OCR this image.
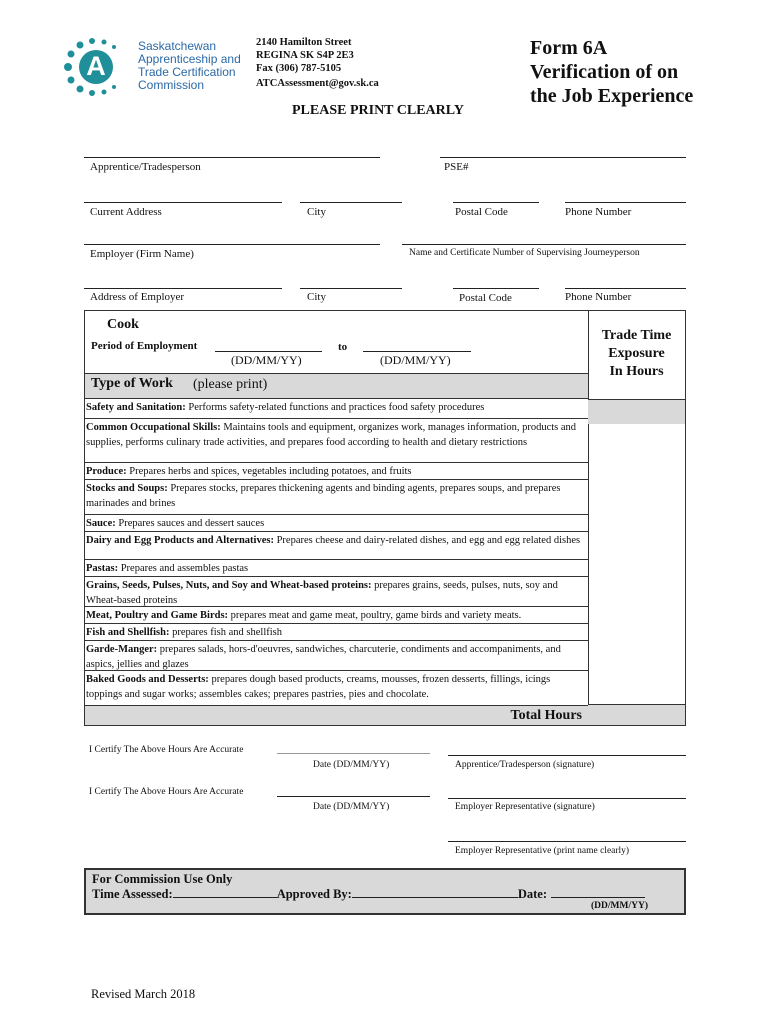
A
Saskatchewan
Apprenticeship and
Trade Certification
Commission
2140 Hamilton Street
REGINA SK S4P 2E3
Fax (306) 787-5105
ATCAssessment@gov.sk.ca
Form 6A
Verification of on
the Job Experience
PLEASE PRINT CLEARLY
Apprentice/Tradesperson	PSE#
Current Address	City	Postal Code	Phone Number
Employer (Firm Name)	Name and Certificate Number of Supervising Journeyperson
Address of Employer	City	Postal Code	Phone Number
Cook
Period of Employment	to
(DD/MM/YY)	(DD/MM/YY)
Type of Work (please print)
Trade Time
Exposure
In Hours
Safety and Sanitation: Performs safety-related functions and practices food safety procedures
Common Occupational Skills: Maintains tools and equipment, organizes work, manages information, products and supplies, performs culinary trade activities, and prepares food according to health and dietary restrictions
Produce: Prepares herbs and spices, vegetables including potatoes, and fruits
Stocks and Soups: Prepares stocks, prepares thickening agents and binding agents, prepares soups, and prepares marinades and brines
Sauce: Prepares sauces and dessert sauces
Dairy and Egg Products and Alternatives: Prepares cheese and dairy-related dishes, and egg and egg related dishes
Pastas: Prepares and assembles pastas
Grains, Seeds, Pulses, Nuts, and Soy and Wheat-based proteins: prepares grains, seeds, pulses, nuts, soy and Wheat-based proteins
Meat, Poultry and Game Birds: prepares meat and game meat, poultry, game birds and variety meats.
Fish and Shellfish: prepares fish and shellfish
Garde-Manger: prepares salads, hors-d'oeuvres, sandwiches, charcuterie, condiments and accompaniments, and aspics, jellies and glazes
Baked Goods and Desserts: prepares dough based products, creams, mousses, frozen desserts, fillings, icings toppings and sugar works; assembles cakes; prepares pastries, pies and chocolate.
Total Hours
I Certify The Above Hours Are Accurate
Date (DD/MM/YY)	Apprentice/Tradesperson (signature)
I Certify The Above Hours Are Accurate
Date (DD/MM/YY)	Employer Representative (signature)
Employer Representative (print name clearly)
For Commission Use Only
Time Assessed:	Approved By:	Date:
(DD/MM/YY)
Revised March 2018
